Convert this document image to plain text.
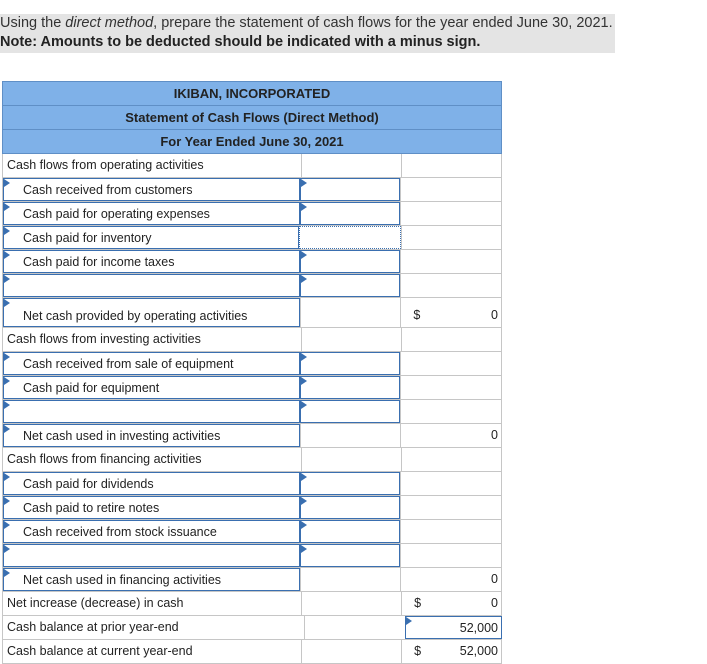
Using the direct method, prepare the statement of cash flows for the year ended June 30, 2021.
Note: Amounts to be deducted should be indicated with a minus sign.
IKIBAN, INCORPORATED
Statement of Cash Flows (Direct Method)
For Year Ended June 30, 2021
Cash flows from operating activities
Cash received from customers
Cash paid for operating expenses
Cash paid for inventory
Cash paid for income taxes
Net cash provided by operating activities	$	0
Cash flows from investing activities
Cash received from sale of equipment
Cash paid for equipment
Net cash used in investing activities	0
Cash flows from financing activities
Cash paid for dividends
Cash paid to retire notes
Cash received from stock issuance
Net cash used in financing activities	0
Net increase (decrease) in cash	$	0
Cash balance at prior year-end	52,000
Cash balance at current year-end	$	52,000
